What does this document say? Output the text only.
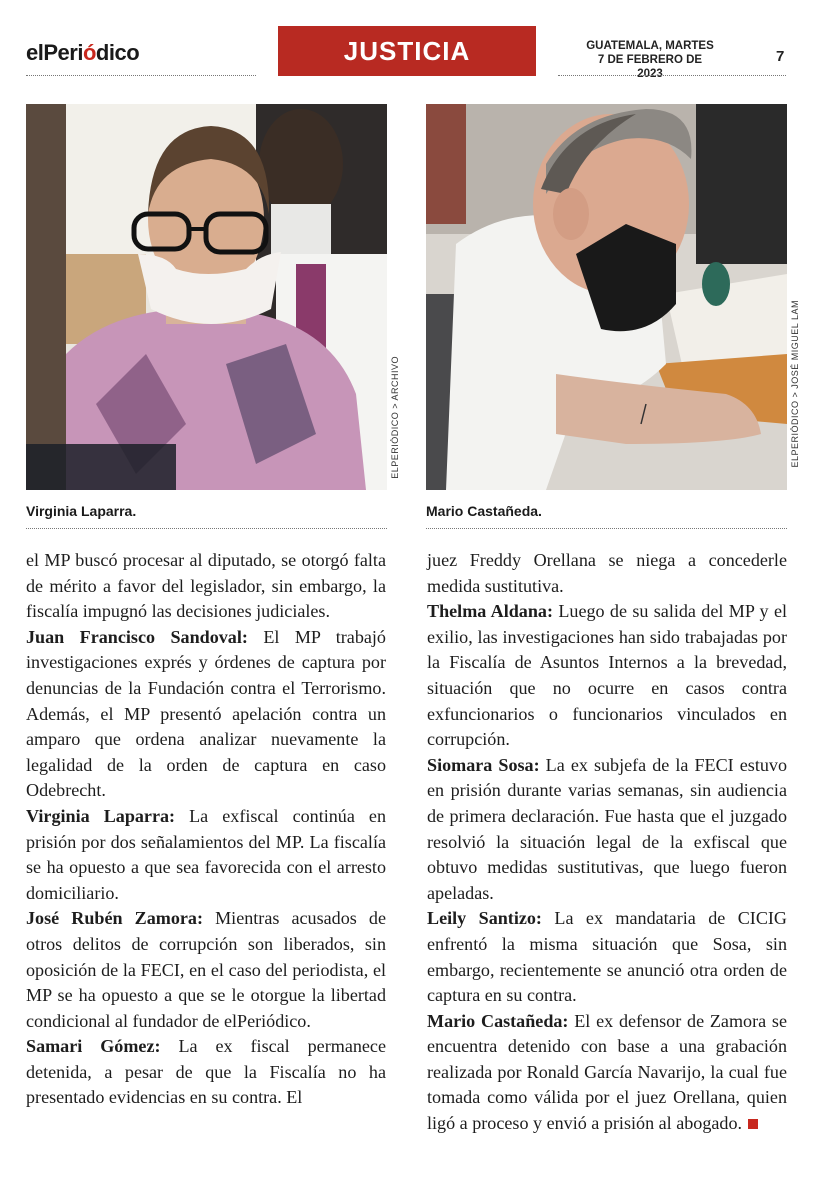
elPeriódico	JUSTICIA	GUATEMALA, MARTES
7 DE FEBRERO DE 2023
7
ELPERIÓDICO > ARCHIVO
Virginia Laparra.
ELPERIÓDICO > JOSÉ MIGUEL LAM
Mario Castañeda.

el MP buscó procesar al diputado, se otorgó falta de mérito a favor del legislador, sin embargo, la fiscalía impugnó las decisiones judiciales.

Juan Francisco Sandoval: El MP trabajó investigaciones exprés y órdenes de captura por denuncias de la Fundación contra el Terrorismo. Además, el MP presentó apelación contra un amparo que ordena analizar nuevamente la legalidad de la orden de captura en caso Odebrecht.

Virginia Laparra: La exfiscal continúa en prisión por dos señalamientos del MP. La fiscalía se ha opuesto a que sea favorecida con el arresto domiciliario.

José Rubén Zamora: Mientras acusados de otros delitos de corrupción son liberados, sin oposición de la FECI, en el caso del periodista, el MP se ha opuesto a que se le otorgue la libertad condicional al fundador de elPeriódico.

Samari Gómez: La ex fiscal permanece detenida, a pesar de que la Fiscalía no ha presentado evidencias en su contra. El

juez Freddy Orellana se niega a concederle medida sustitutiva.

Thelma Aldana: Luego de su salida del MP y el exilio, las investigaciones han sido trabajadas por la Fiscalía de Asuntos Internos a la brevedad, situación que no ocurre en casos contra exfuncionarios o funcionarios vinculados en corrupción.

Siomara Sosa: La ex subjefa de la FECI estuvo en prisión durante varias semanas, sin audiencia de primera declaración. Fue hasta que el juzgado resolvió la situación legal de la exfiscal que obtuvo medidas sustitutivas, que luego fueron apeladas.

Leily Santizo: La ex mandataria de CICIG enfrentó la misma situación que Sosa, sin embargo, recientemente se anunció otra orden de captura en su contra.

Mario Castañeda: El ex defensor de Zamora se encuentra detenido con base a una grabación realizada por Ronald García Navarijo, la cual fue tomada como válida por el juez Orellana, quien ligó a proceso y envió a prisión al abogado.
